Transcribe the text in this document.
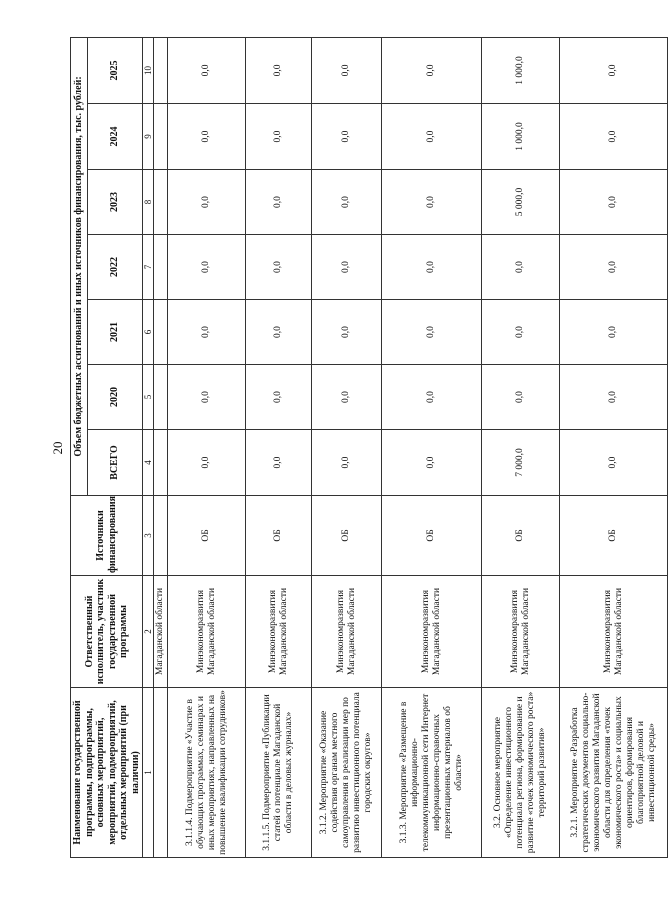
20
Наименование государственной программы, подпрограммы, основных мероприятий, мероприятий, подмероприятий, отдельных мероприятий (при наличии)	Ответственный исполнитель, участник государственной программы	Источники финансирования	Объем бюджетных ассигнований и иных источников финансирования, тыс. рублей:						
			ВСЕГО	2020	2021	2022	2023	2024	2025
1	2	3	4	5	6	7	8	9	10
	Магаданской области								
3.1.1.4. Подмероприятие «Участие в обучающих программах, семинарах и иных мероприятиях, направленных на повышение квалификации сотрудников»	Минэкономразвития Магаданской области	ОБ	0,0	0,0	0,0	0,0	0,0	0,0	0,0
3.1.1.5. Подмероприятие «Публикации статей о потенциале Магаданской области в деловых журналах»	Минэкономразвития Магаданской области	ОБ	0,0	0,0	0,0	0,0	0,0	0,0	0,0
3.1.2. Мероприятие «Оказание содействия органам местного самоуправления в реализации мер по развитию инвестиционного потенциала городских округов»	Минэкономразвития Магаданской области	ОБ	0,0	0,0	0,0	0,0	0,0	0,0	0,0
3.1.3. Мероприятие «Размещение в информационно-телекоммуникационной сети Интернет информационно-справочных презентационных материалов об области»	Минэкономразвития Магаданской области	ОБ	0,0	0,0	0,0	0,0	0,0	0,0	0,0
3.2. Основное мероприятие «Определение инвестиционного потенциала региона, формирование и развитие «точек экономического роста» территорий развития»	Минэкономразвития Магаданской области	ОБ	7 000,0	0,0	0,0	0,0	5 000,0	1 000,0	1 000,0
3.2.1. Мероприятие «Разработка стратегических документов социально-экономического развития Магаданской области для определения «точек экономического роста» и социальных ориентиров, формирования благоприятной деловой и инвестиционной среды»	Минэкономразвития Магаданской области	ОБ	0,0	0,0	0,0	0,0	0,0	0,0	0,0
